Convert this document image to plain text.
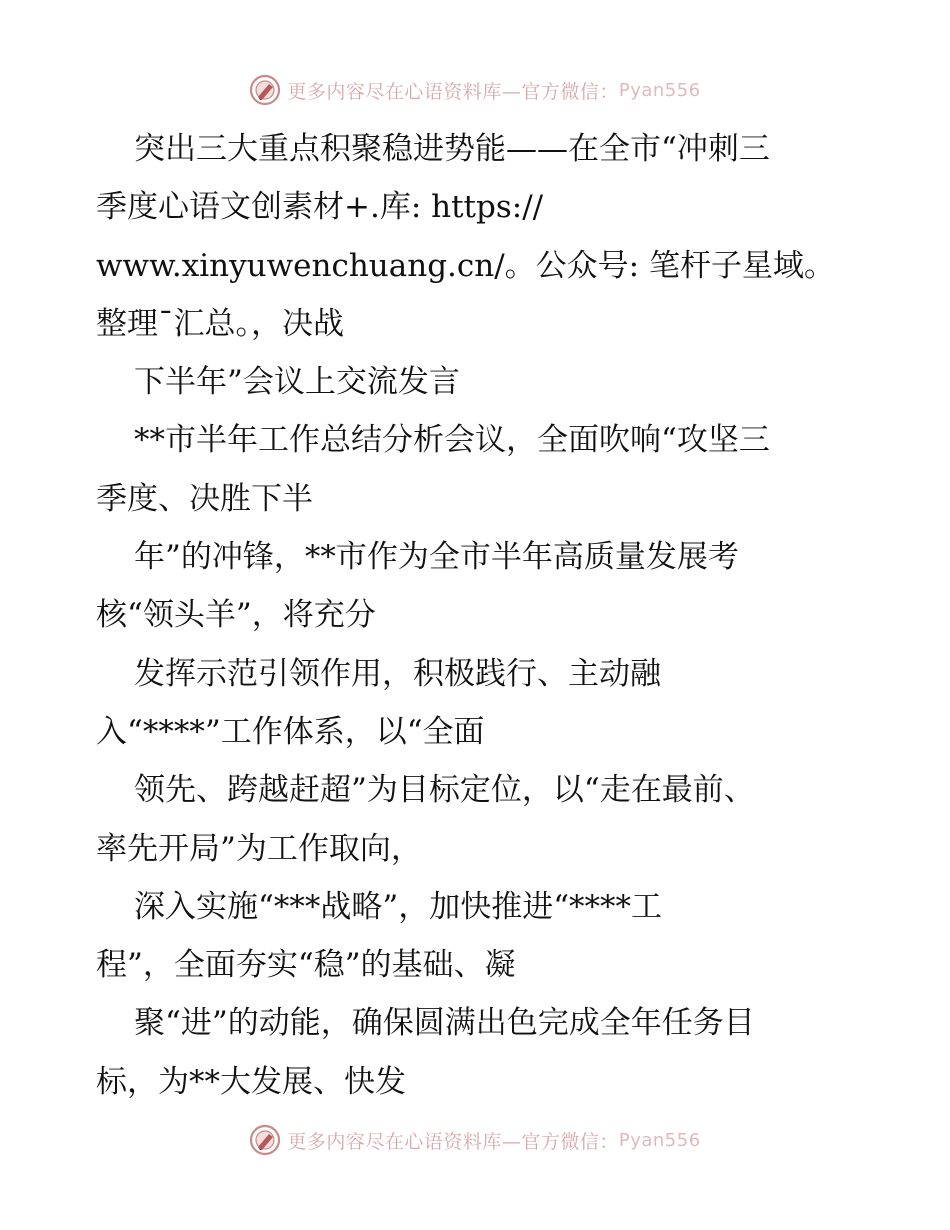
更多内容尽在心语资料库—官方微信： Pyan556
突出三大重点积聚稳进势能——在全市“冲刺三
季度心语文创素材+.库: https://
www.xinyuwenchuang.cn/。公众号: 笔杆子星域。
整理¯汇总。，决战
下半年”会议上交流发言
**市半年工作总结分析会议，全面吹响“攻坚三
季度、决胜下半
年”的冲锋，**市作为全市半年高质量发展考
核“领头羊”，将充分
发挥示范引领作用，积极践行、主动融
入“****”工作体系，以“全面
领先、跨越赶超”为目标定位，以“走在最前、
率先开局”为工作取向，
深入实施“***战略”，加快推进“****工
程”，全面夯实“稳”的基础、凝
聚“进”的动能，确保圆满出色完成全年任务目
标，为**大发展、快发
更多内容尽在心语资料库—官方微信： Pyan556
